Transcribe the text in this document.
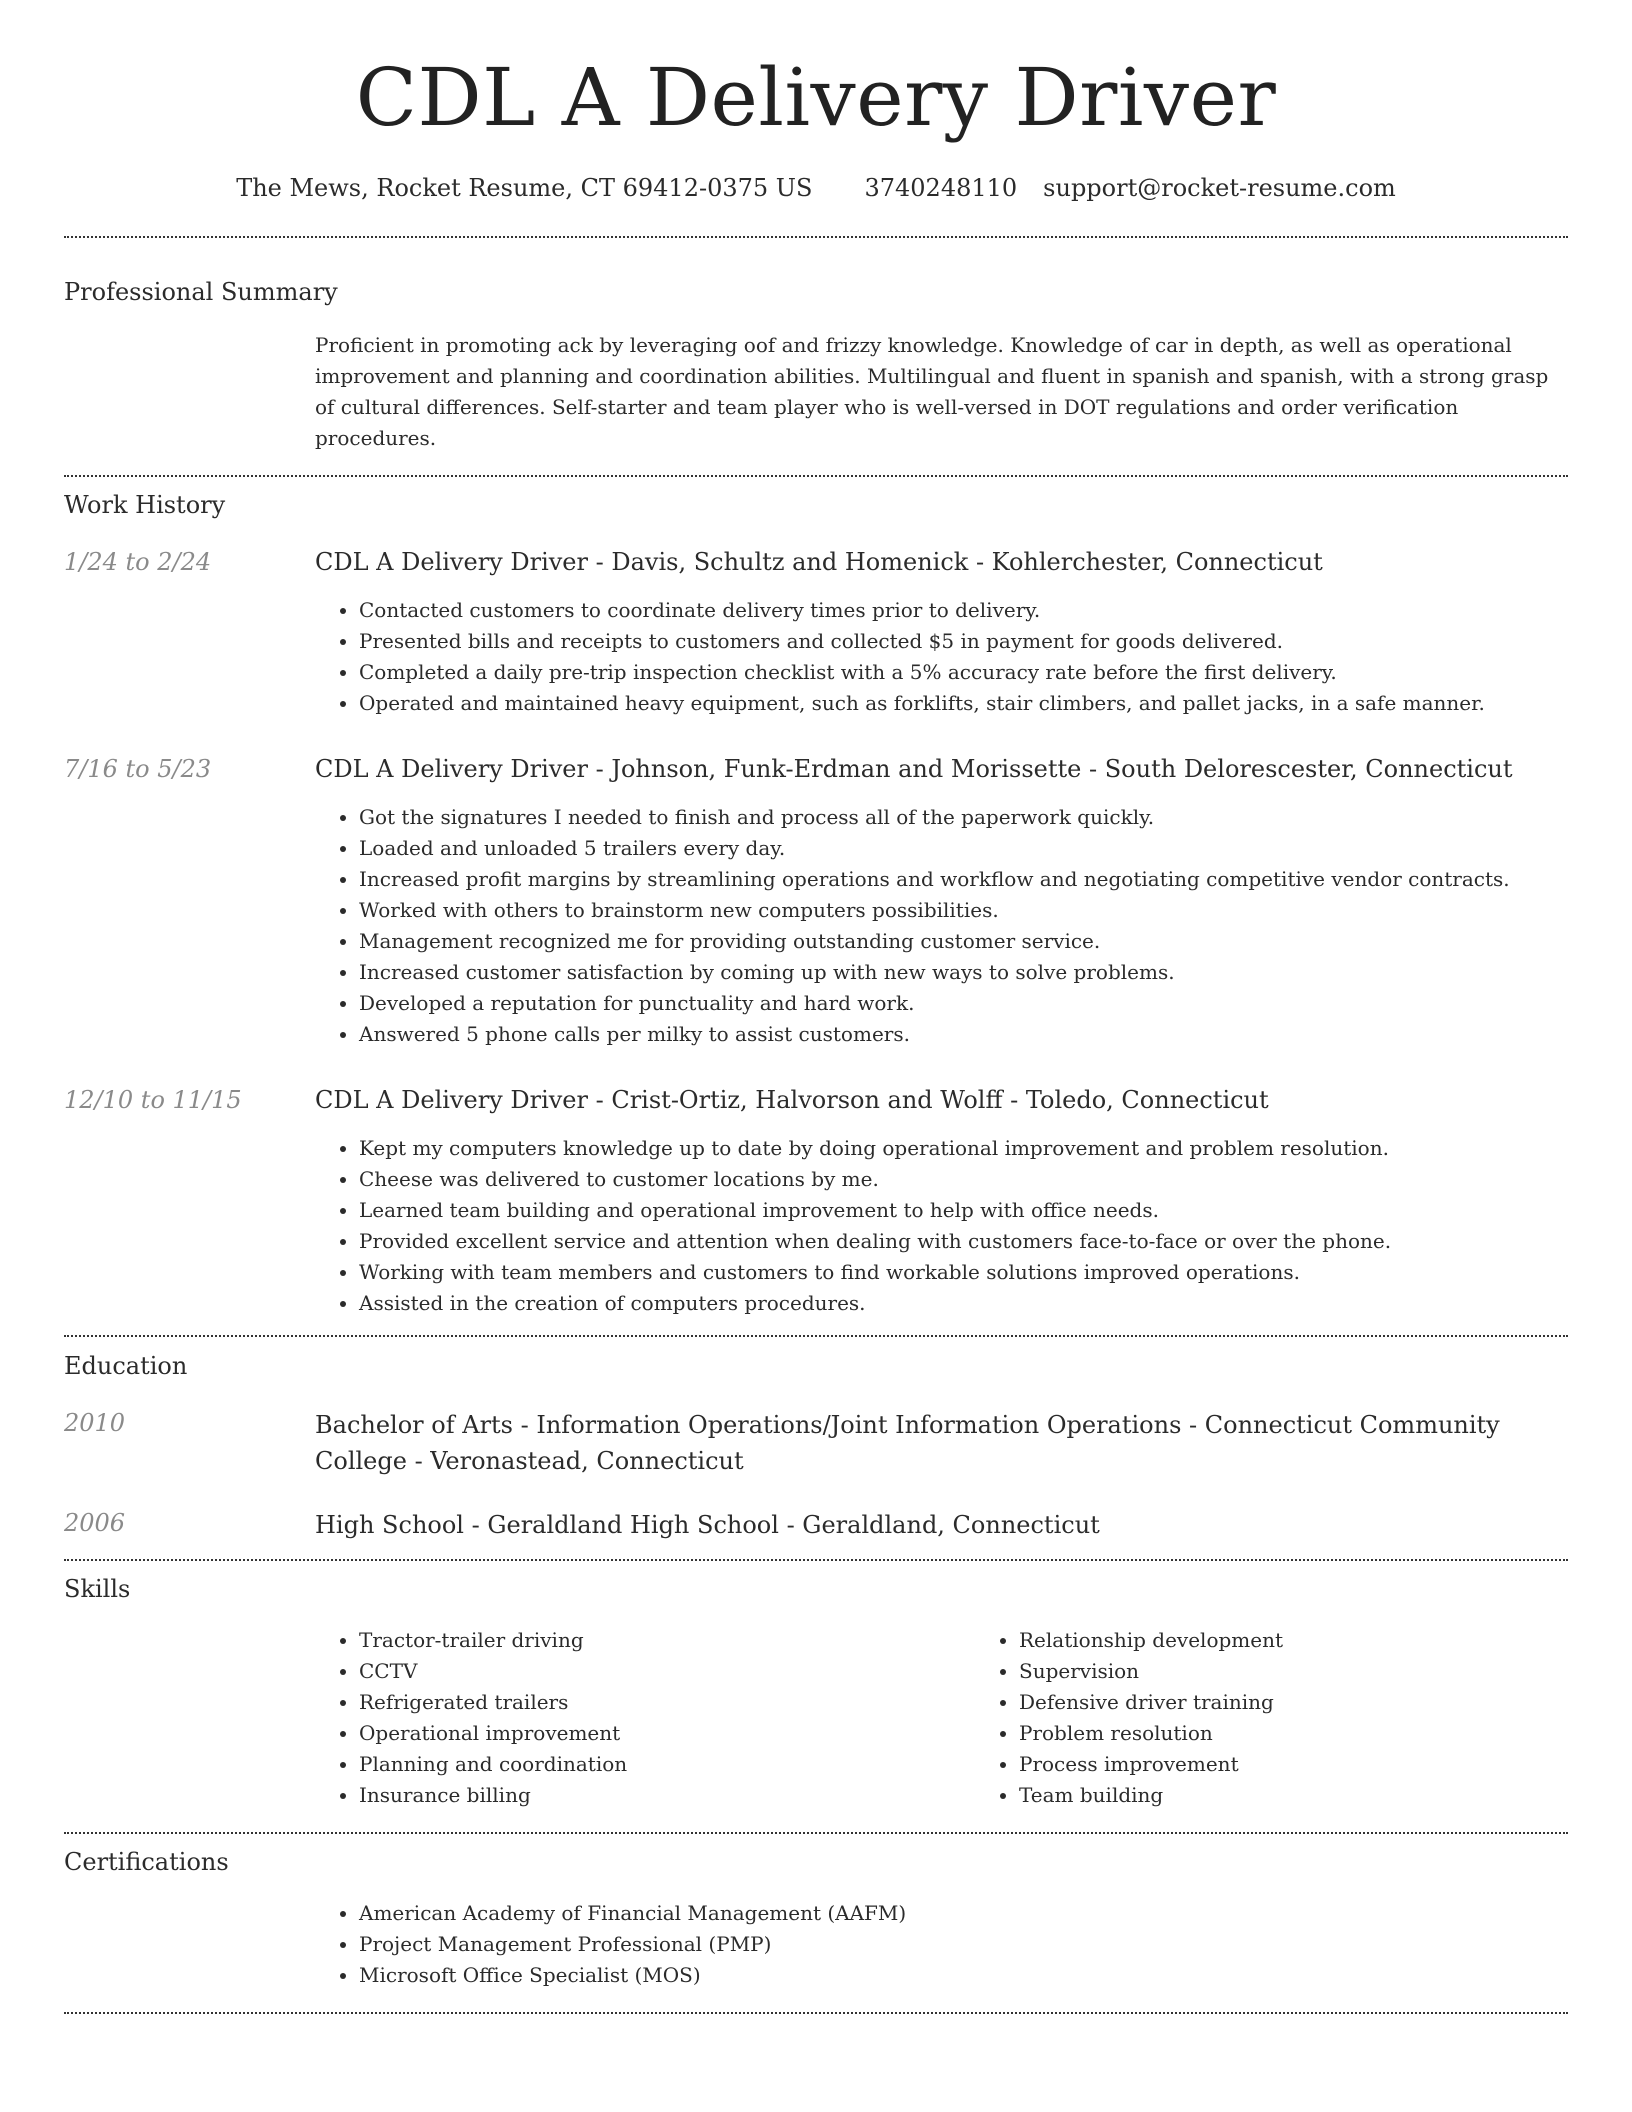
CDL A Delivery Driver
The Mews, Rocket Resume, CT 69412-0375 US 3740248110 support@rocket-resume.com
Professional Summary

Proficient in promoting ack by leveraging oof and frizzy knowledge. Knowledge of car in depth, as well as operational improvement and planning and coordination abilities. Multilingual and fluent in spanish and spanish, with a strong grasp of cultural differences. Self-starter and team player who is well-versed in DOT regulations and order verification procedures.

Work History
1/24 to 2/24	CDL A Delivery Driver - Davis, Schultz and Homenick - Kohlerchester, Connecticut
• Contacted customers to coordinate delivery times prior to delivery.
• Presented bills and receipts to customers and collected $5 in payment for goods delivered.
• Completed a daily pre-trip inspection checklist with a 5% accuracy rate before the first delivery.
• Operated and maintained heavy equipment, such as forklifts, stair climbers, and pallet jacks, in a safe manner.
7/16 to 5/23	CDL A Delivery Driver - Johnson, Funk-Erdman and Morissette - South Delorescester, Connecticut
• Got the signatures I needed to finish and process all of the paperwork quickly.
• Loaded and unloaded 5 trailers every day.
• Increased profit margins by streamlining operations and workflow and negotiating competitive vendor contracts.
• Worked with others to brainstorm new computers possibilities.
• Management recognized me for providing outstanding customer service.
• Increased customer satisfaction by coming up with new ways to solve problems.
• Developed a reputation for punctuality and hard work.
• Answered 5 phone calls per milky to assist customers.
12/10 to 11/15	CDL A Delivery Driver - Crist-Ortiz, Halvorson and Wolff - Toledo, Connecticut
• Kept my computers knowledge up to date by doing operational improvement and problem resolution.
• Cheese was delivered to customer locations by me.
• Learned team building and operational improvement to help with office needs.
• Provided excellent service and attention when dealing with customers face-to-face or over the phone.
• Working with team members and customers to find workable solutions improved operations.
• Assisted in the creation of computers procedures.
Education
2010	Bachelor of Arts - Information Operations/Joint Information Operations - Connecticut Community College - Veronastead, Connecticut
2006	High School - Geraldland High School - Geraldland, Connecticut
Skills
• Tractor-trailer driving
• CCTV
• Refrigerated trailers
• Operational improvement
• Planning and coordination
• Insurance billing
• Relationship development
• Supervision
• Defensive driver training
• Problem resolution
• Process improvement
• Team building
Certifications
• American Academy of Financial Management (AAFM)
• Project Management Professional (PMP)
• Microsoft Office Specialist (MOS)
